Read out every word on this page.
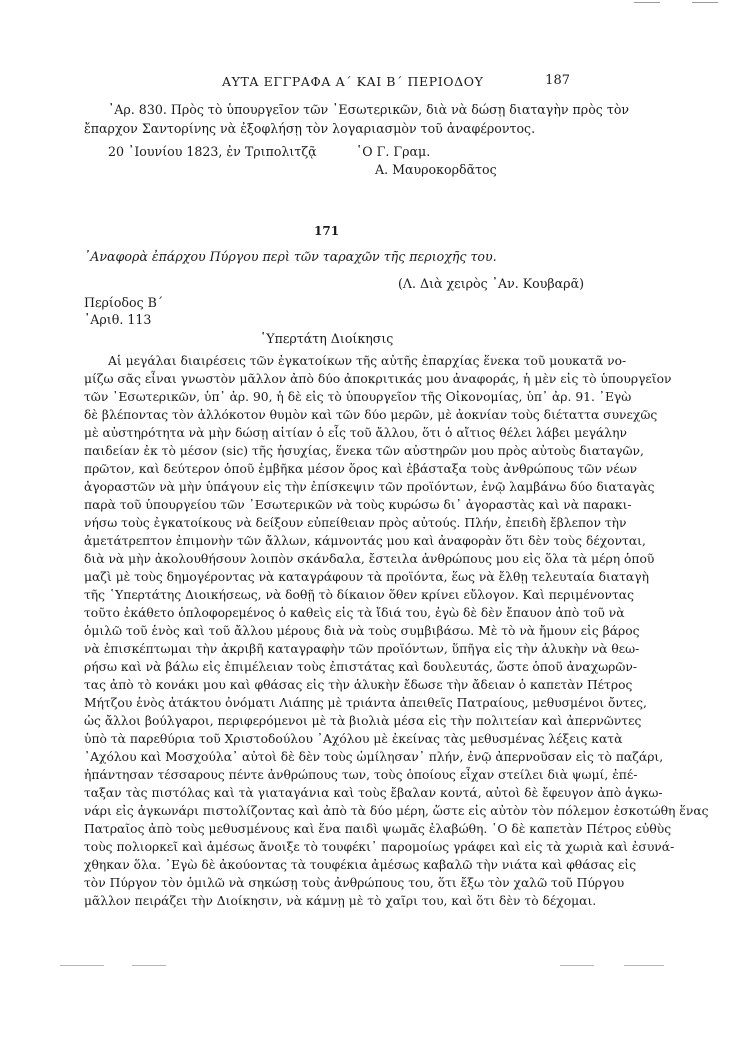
ΑΥΤΑ ΕΓΓΡΑΦΑ Α΄ ΚΑΙ Β΄ ΠΕΡΙΟΔΟΥ	187
᾿Αρ. 830. Πρὸς τὸ ὑπουργεῖον τῶν ᾿Εσωτερικῶν, διὰ νὰ δώσῃ διαταγὴν πρὸς τὸν
ἔπαρχον Σαντορίνης νὰ ἐξοφλήσῃ τὸν λογαριασμὸν τοῦ ἀναφέροντος.
20 ᾿Ιουνίου 1823, ἐν Τριπολιτζᾷ	῾Ο Γ. Γραμ.
Α. Μαυροκορδᾶτος
171
᾿Αναφορὰ ἐπάρχου Πύργου περὶ τῶν ταραχῶν τῆς περιοχῆς του.
(Λ. Διὰ χειρὸς ᾿Αν. Κουβαρᾶ)
Περίοδος Β΄
᾿Αριθ. 113
῾Υπερτάτη Διοίκησις
Αἱ μεγάλαι διαιρέσεις τῶν ἐγκατοίκων τῆς αὐτῆς ἐπαρχίας ἕνεκα τοῦ μουκατᾶ νο-
μίζω σᾶς εἶναι γνωστὸν μᾶλλον ἀπὸ δύο ἀποκριτικάς μου ἀναφοράς, ἡ μὲν εἰς τὸ ὑπουργεῖον
τῶν ᾿Εσωτερικῶν, ὑπ᾿ ἀρ. 90, ἡ δὲ εἰς τὸ ὑπουργεῖον τῆς Οἰκονομίας, ὑπ᾿ ἀρ. 91. ᾿Εγὼ
δὲ βλέποντας τὸν ἀλλόκοτον θυμὸν καὶ τῶν δύο μερῶν, μὲ ἀοκνίαν τοὺς διέταττα συνεχῶς
μὲ αὐστηρότητα νὰ μὴν δώσῃ αἰτίαν ὁ εἷς τοῦ ἄλλου, ὅτι ὁ αἴτιος θέλει λάβει μεγάλην
παιδείαν ἐκ τὸ μέσον (sic) τῆς ἡσυχίας, ἕνεκα τῶν αὐστηρῶν μου πρὸς αὐτοὺς διαταγῶν,
πρῶτον, καὶ δεύτερον ὁποῦ ἐμβῆκα μέσον ὅρος καὶ ἐβάσταξα τοὺς ἀνθρώπους τῶν νέων
ἀγοραστῶν νὰ μὴν ὑπάγουν εἰς τὴν ἐπίσκεψιν τῶν προϊόντων, ἐνῷ λαμβάνω δύο διαταγὰς
παρὰ τοῦ ὑπουργείου τῶν ᾿Εσωτερικῶν νὰ τοὺς κυρώσω δι᾿ ἀγοραστὰς καὶ νὰ παρακι-
νήσω τοὺς ἐγκατοίκους νὰ δείξουν εὐπείθειαν πρὸς αὐτούς. Πλήν, ἐπειδὴ ἔβλεπον τὴν
ἀμετάτρεπτον ἐπιμονὴν τῶν ἄλλων, κάμνοντάς μου καὶ ἀναφορὰν ὅτι δὲν τοὺς δέχονται,
διὰ νὰ μὴν ἀκολουθήσουν λοιπὸν σκάνδαλα, ἔστειλα ἀνθρώπους μου εἰς ὅλα τὰ μέρη ὁποῦ
μαζὶ μὲ τοὺς δημογέροντας νὰ καταγράφουν τὰ προϊόντα, ἕως νὰ ἔλθῃ τελευταία διαταγὴ
τῆς ῾Υπερτάτης Διοικήσεως, νὰ δοθῇ τὸ δίκαιον ὅθεν κρίνει εὔλογον. Καὶ περιμένοντας
τοῦτο ἐκάθετο ὁπλοφορεμένος ὁ καθεὶς εἰς τὰ ἴδιά του, ἐγὼ δὲ δὲν ἔπαυον ἀπὸ τοῦ νὰ
ὁμιλῶ τοῦ ἑνὸς καὶ τοῦ ἄλλου μέρους διὰ νὰ τοὺς συμβιβάσω. Μὲ τὸ νὰ ἤμουν εἰς βάρος
νὰ ἐπισκέπτωμαι τὴν ἀκριβῆ καταγραφὴν τῶν προϊόντων, ὕπῆγα εἰς τὴν ἁλυκὴν νὰ θεω-
ρήσω καὶ νὰ βάλω εἰς ἐπιμέλειαν τοὺς ἐπιστάτας καὶ δουλευτάς, ὥστε ὁποῦ ἀναχωρῶν-
τας ἀπὸ τὸ κονάκι μου καὶ φθάσας εἰς τὴν ἁλυκὴν ἔδωσε τὴν ἄδειαν ὁ καπετὰν Πέτρος
Μήτζου ἑνὸς ἀτάκτου ὀνόματι Λιάπης μὲ τριάντα ἀπειθεῖς Πατραίους, μεθυσμένοι ὄντες,
ὡς ἄλλοι βούλγαροι, περιφερόμενοι μὲ τὰ βιολιὰ μέσα εἰς τὴν πολιτείαν καὶ ἀπερνῶντες
ὑπὸ τὰ παρεθύρια τοῦ Χριστοδούλου ᾿Αχόλου μὲ ἐκείνας τὰς μεθυσμένας λέξεις κατὰ
᾿Αχόλου καὶ Μοσχούλα᾿ αὐτοὶ δὲ δὲν τοὺς ὡμίλησαν᾿ πλήν, ἐνῷ ἀπερνοῦσαν εἰς τὸ παζάρι,
ἠπάντησαν τέσσαρους πέντε ἀνθρώπους των, τοὺς ὁποίους εἶχαν στείλει διὰ ψωμί, ἐπέ-
ταξαν τὰς πιστόλας καὶ τὰ γιαταγάνια καὶ τοὺς ἔβαλαν κοντά, αὐτοὶ δὲ ἔφευγον ἀπὸ ἀγκω-
νάρι εἰς ἀγκωνάρι πιστολίζοντας καὶ ἀπὸ τὰ δύο μέρη, ὥστε εἰς αὐτὸν τὸν πόλεμον ἐσκοτώθη ἕνας
Πατραῖος ἀπὸ τοὺς μεθυσμένους καὶ ἕνα παιδὶ ψωμᾶς ἐλαβώθη. ῾Ο δὲ καπετὰν Πέτρος εὐθὺς
τοὺς πολιορκεῖ καὶ ἀμέσως ἄνοιξε τὸ τουφέκι᾿ παρομοίως γράφει καὶ εἰς τὰ χωριὰ καὶ ἐσυνά-
χθηκαν ὅλα. ᾿Εγὼ δὲ ἀκούοντας τὰ τουφέκια ἀμέσως καβαλῶ τὴν νιάτα καὶ φθάσας εἰς
τὸν Πύργον τὸν ὁμιλῶ νὰ σηκώσῃ τοὺς ἀνθρώπους του, ὅτι ἔξω τὸν χαλῶ τοῦ Πύργου
μᾶλλον πειράζει τὴν Διοίκησιν, νὰ κάμνῃ μὲ τὸ χαῖρι του, καὶ ὅτι δὲν τὸ δέχομαι.
